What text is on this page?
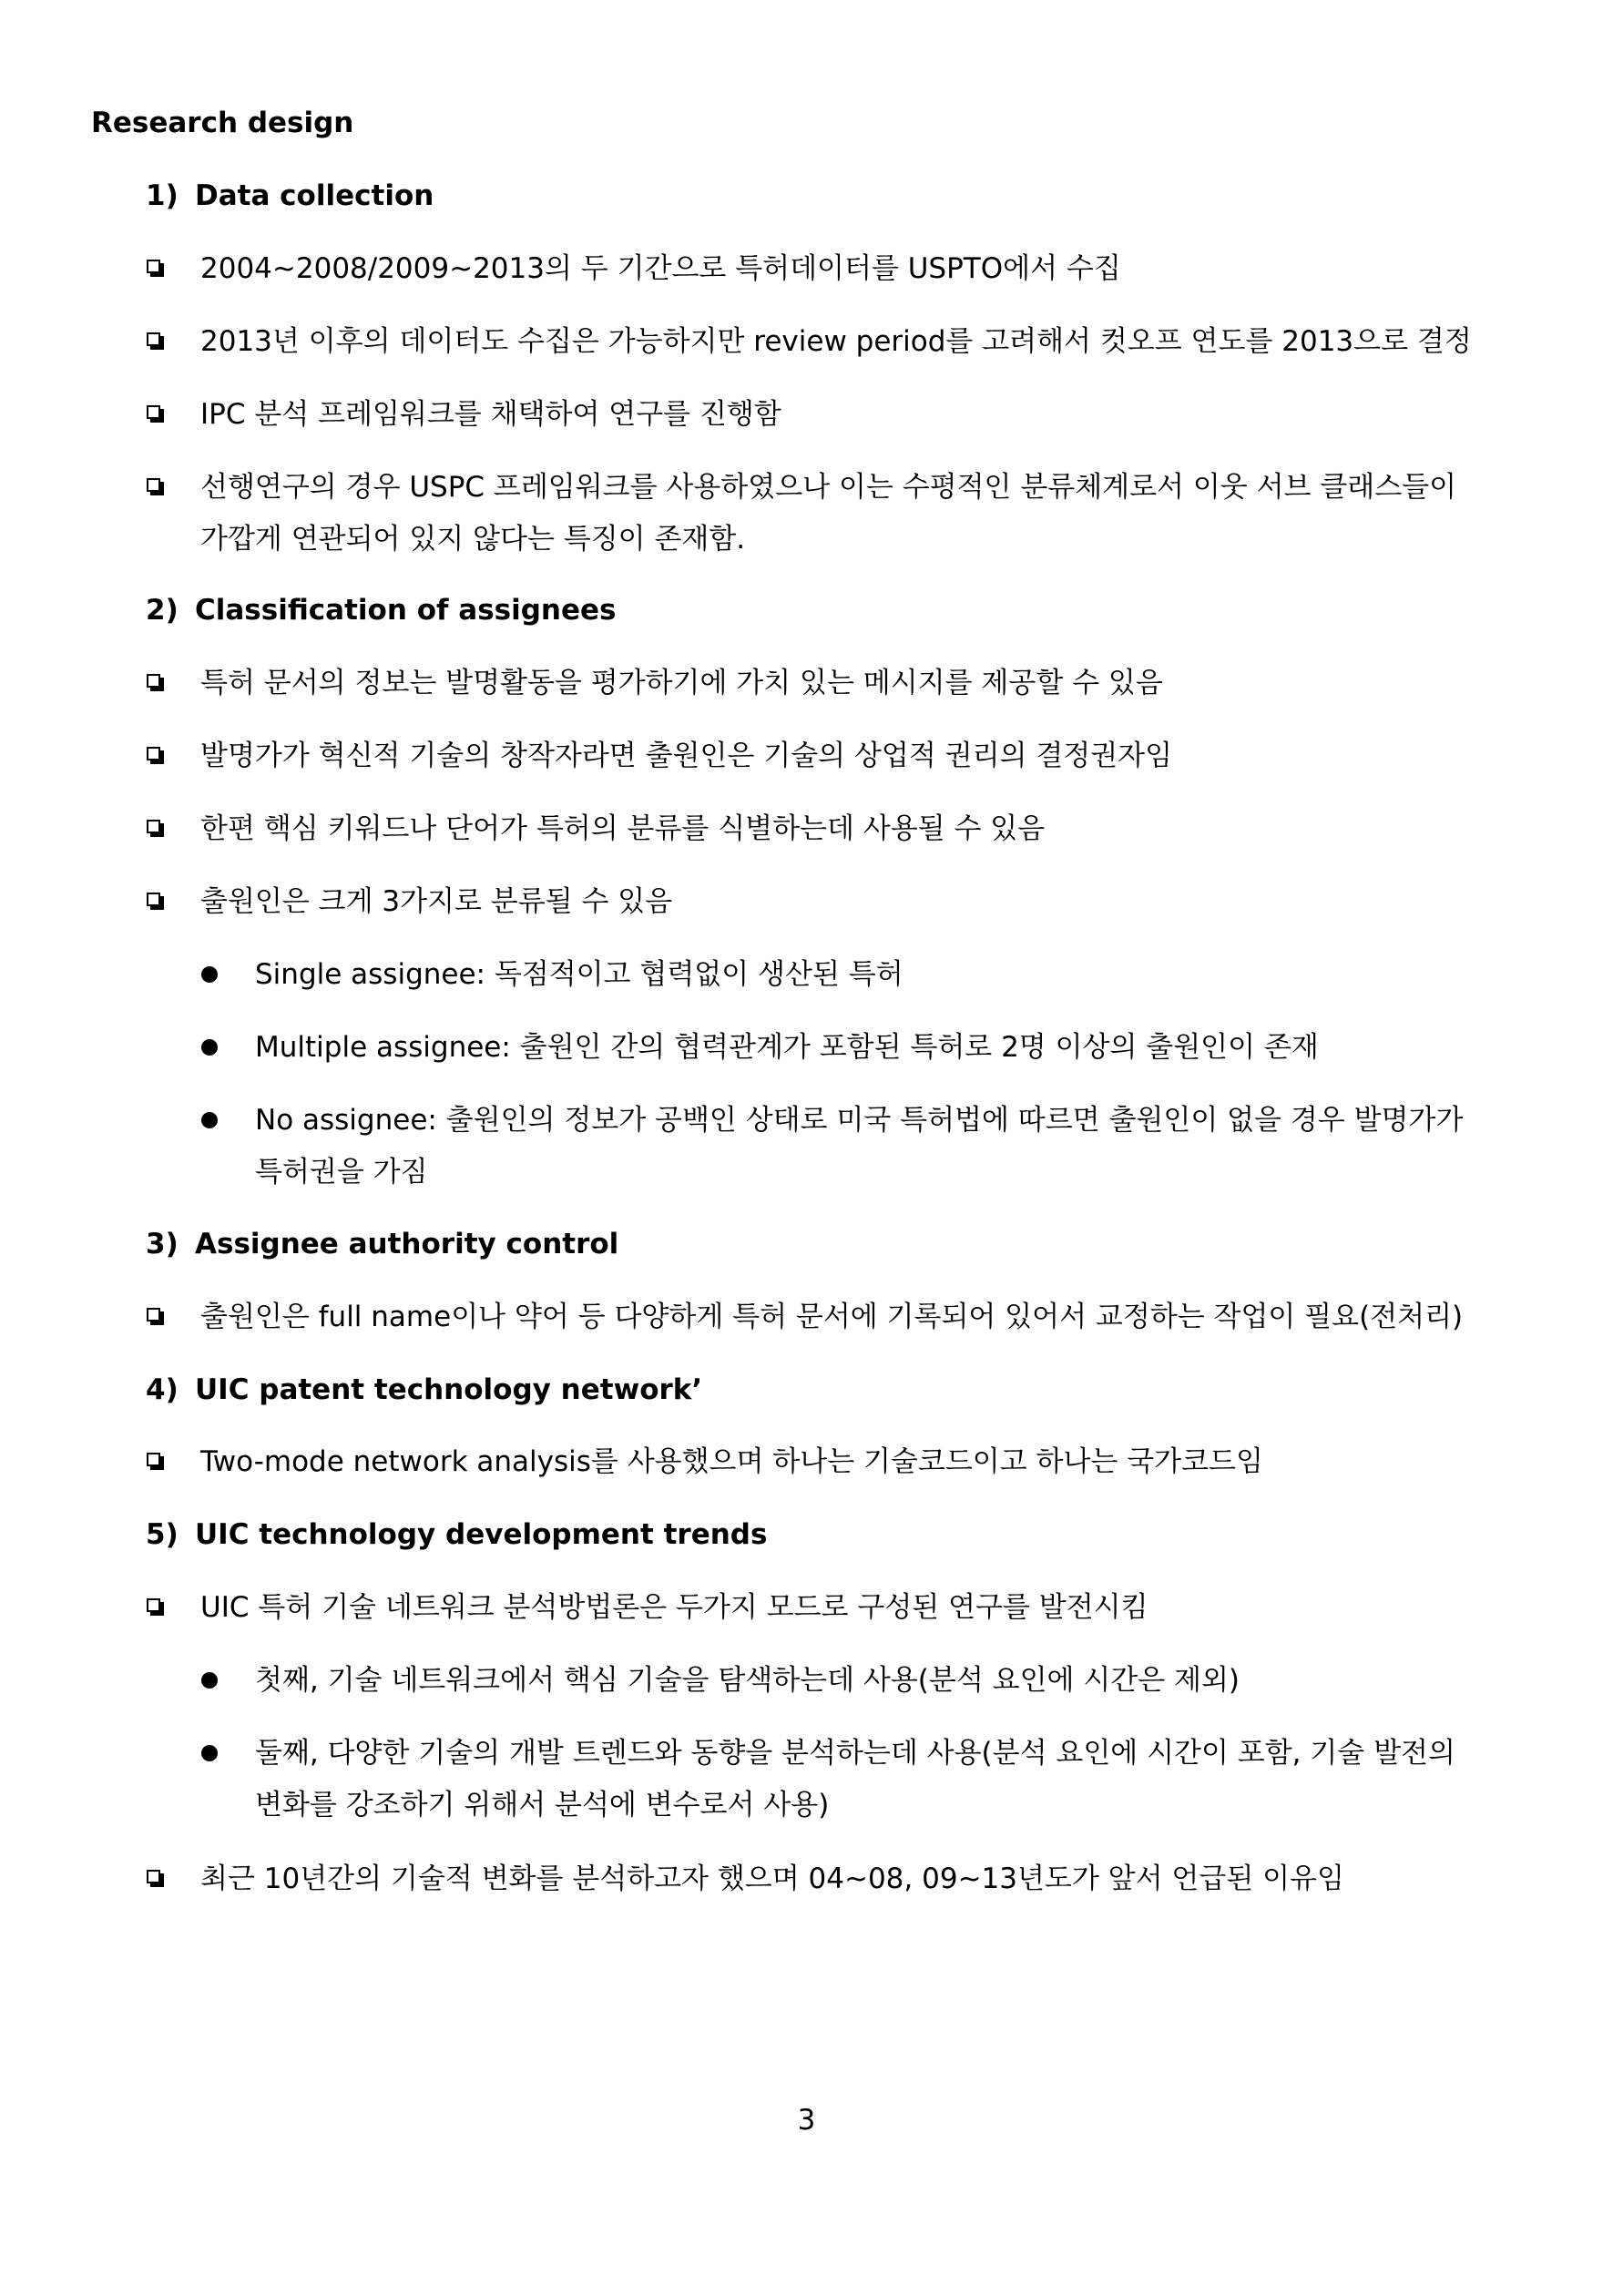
Research design
1) Data collection
2004~2008/2009~2013의 두 기간으로 특허데이터를 USPTO에서 수집
2013년 이후의 데이터도 수집은 가능하지만 review period를 고려해서 컷오프 연도를 2013으로 결정
IPC 분석 프레임워크를 채택하여 연구를 진행함
선행연구의 경우 USPC 프레임워크를 사용하였으나 이는 수평적인 분류체계로서 이웃 서브 클래스들이
가깝게 연관되어 있지 않다는 특징이 존재함.
2) Classification of assignees
특허 문서의 정보는 발명활동을 평가하기에 가치 있는 메시지를 제공할 수 있음
발명가가 혁신적 기술의 창작자라면 출원인은 기술의 상업적 권리의 결정권자임
한편 핵심 키워드나 단어가 특허의 분류를 식별하는데 사용될 수 있음
출원인은 크게 3가지로 분류될 수 있음
Single assignee: 독점적이고 협력없이 생산된 특허
Multiple assignee: 출원인 간의 협력관계가 포함된 특허로 2명 이상의 출원인이 존재
No assignee: 출원인의 정보가 공백인 상태로 미국 특허법에 따르면 출원인이 없을 경우 발명가가
특허권을 가짐
3) Assignee authority control
출원인은 full name이나 약어 등 다양하게 특허 문서에 기록되어 있어서 교정하는 작업이 필요(전처리)
4) UIC patent technology network’
Two-mode network analysis를 사용했으며 하나는 기술코드이고 하나는 국가코드임
5) UIC technology development trends
UIC 특허 기술 네트워크 분석방법론은 두가지 모드로 구성된 연구를 발전시킴
첫째, 기술 네트워크에서 핵심 기술을 탐색하는데 사용(분석 요인에 시간은 제외)
둘째, 다양한 기술의 개발 트렌드와 동향을 분석하는데 사용(분석 요인에 시간이 포함, 기술 발전의
변화를 강조하기 위해서 분석에 변수로서 사용)
최근 10년간의 기술적 변화를 분석하고자 했으며 04~08, 09~13년도가 앞서 언급된 이유임
3
